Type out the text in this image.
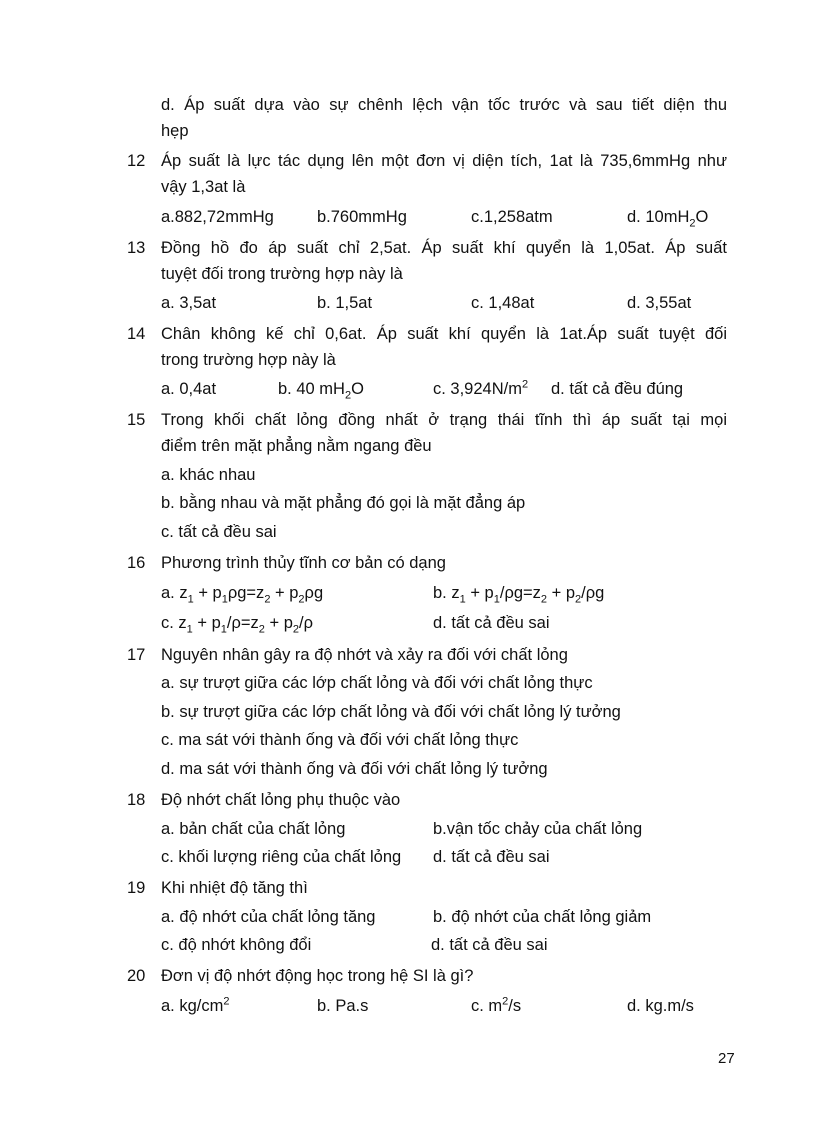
d. Áp suất dựa vào sự chênh lệch vận tốc trước và sau tiết diện thu
hẹp
12 Áp suất là lực tác dụng lên một đơn vị diện tích, 1at là 735,6mmHg như
vậy 1,3at là
a.882,72mmHg	b.760mmHg	c.1,258atm	d. $10mH_2O$
13 Đồng hồ đo áp suất chỉ 2,5at. Áp suất khí quyển là 1,05at. Áp suất
tuyệt đối trong trường hợp này là
a. 3,5at	b. 1,5at	c. 1,48at	d. 3,55at
14 Chân không kế chỉ 0,6at. Áp suất khí quyển là 1at.Áp suất tuyệt đối
trong trường hợp này là
a. 0,4at	b. 40 $mH_2O$	c. $3,924N/m^2$ d. tất cả đều đúng
15 Trong khối chất lỏng đồng nhất ở trạng thái tĩnh thì áp suất tại mọi
điểm trên mặt phẳng nằm ngang đều
a. khác nhau
b. bằng nhau và mặt phẳng đó gọi là mặt đẳng áp
c. tất cả đều sai
16 Phương trình thủy tĩnh cơ bản có dạng
a. $z_1 + p_1\rho g=z_2 + p_2\rho g$	b. $z_1 + p_1/\rho g=z_2 + p_2/\rho g$
c. $z_1 + p_1/\rho=z_2 + p_2/\rho$	d. tất cả đều sai
17 Nguyên nhân gây ra độ nhớt và xảy ra đối với chất lỏng
a. sự trượt giữa các lớp chất lỏng và đối với chất lỏng thực
b. sự trượt giữa các lớp chất lỏng và đối với chất lỏng lý tưởng
c. ma sát với thành ống và đối với chất lỏng thực
d. ma sát với thành ống và đối với chất lỏng lý tưởng
18 Độ nhớt chất lỏng phụ thuộc vào
a. bản chất của chất lỏng	b.vận tốc chảy của chất lỏng
c. khối lượng riêng của chất lỏng d. tất cả đều sai
19 Khi nhiệt độ tăng thì
a. độ nhớt của chất lỏng tăng	b. độ nhớt của chất lỏng giảm
c. độ nhớt không đổi	d. tất cả đều sai
20 Đơn vị độ nhớt động học trong hệ SI là gì?
a. $kg/cm^2$	b. Pa.s	c. $m^2/s$	d. kg.m/s
27
